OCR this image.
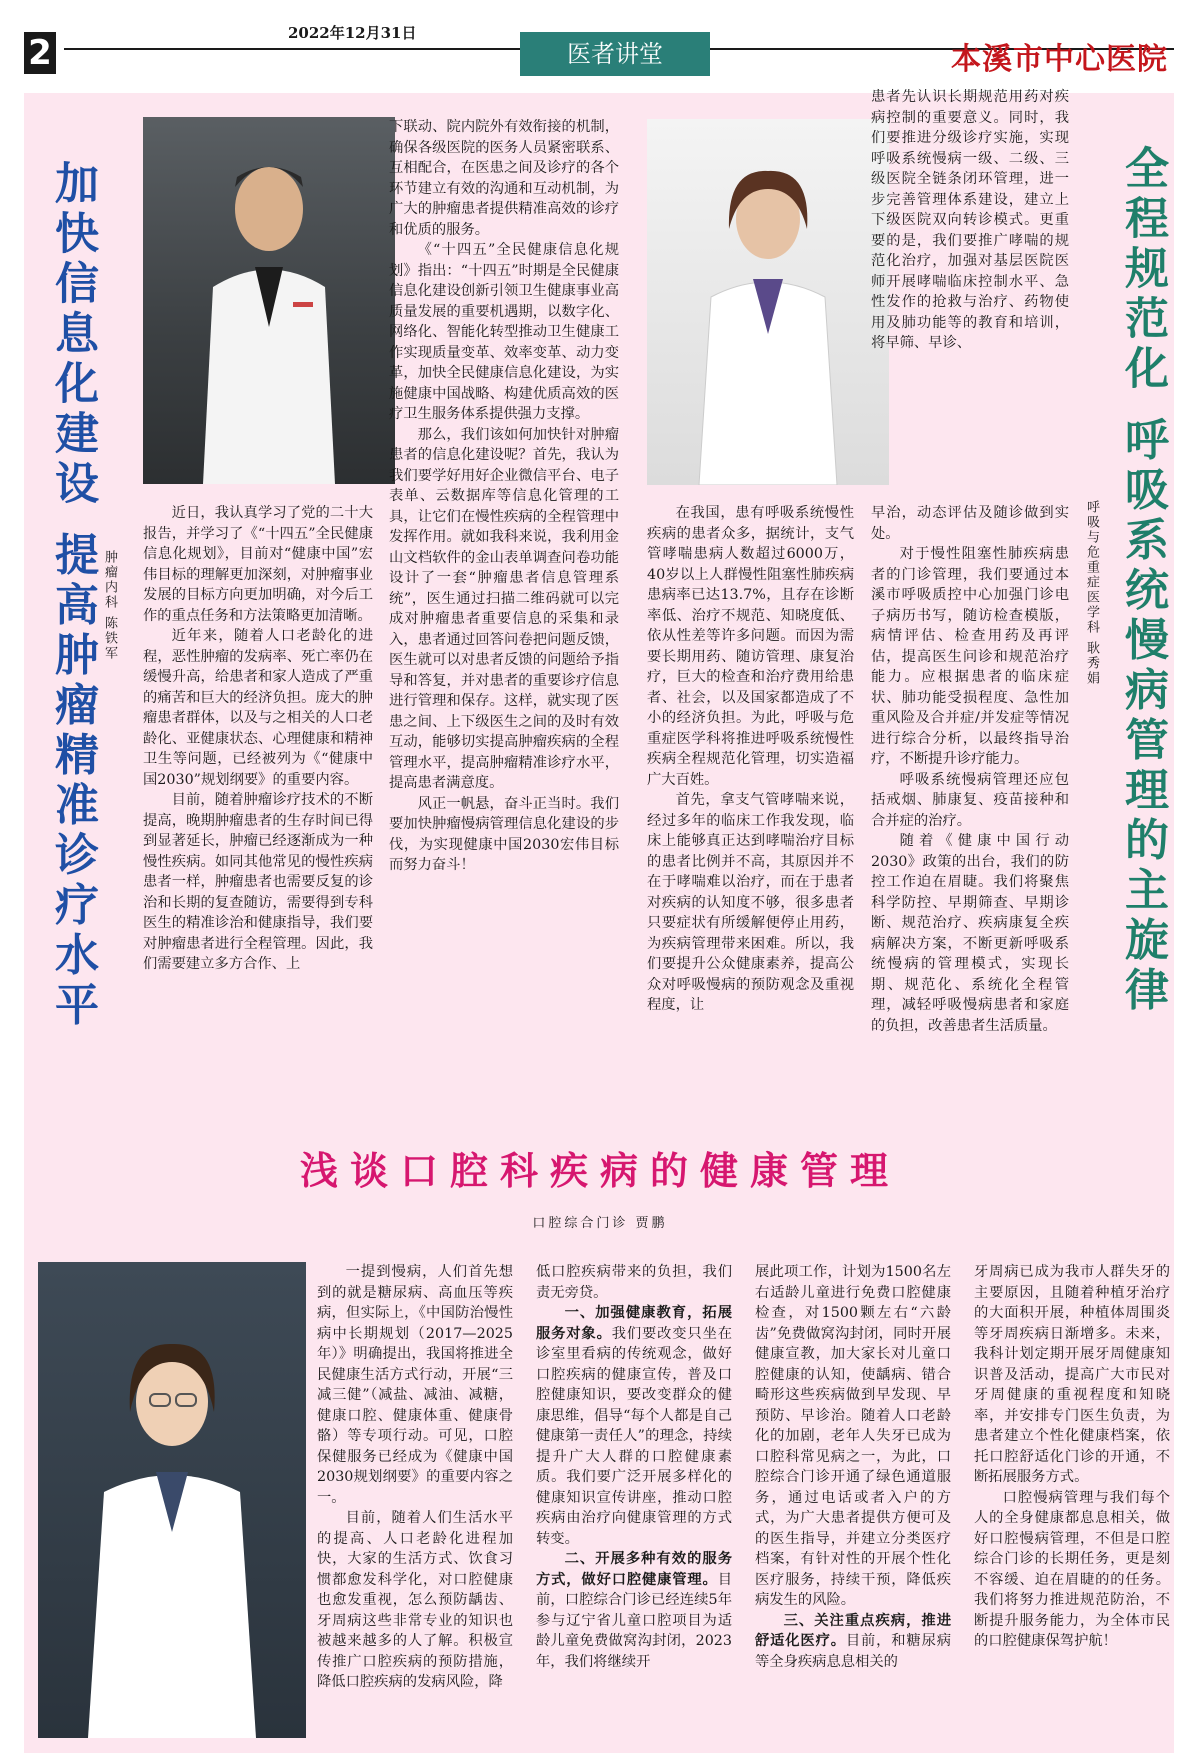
2	2022年12月31日
医者讲堂	本溪市中心医院
加快信息化建设 提高肿瘤精准诊疗水平 肿瘤内科 陈铁军

近日，我认真学习了党的二十大报告，并学习了《“十四五”全民健康信息化规划》，目前对“健康中国”宏伟目标的理解更加深刻，对肿瘤事业发展的目标方向更加明确，对今后工作的重点任务和方法策略更加清晰。

近年来，随着人口老龄化的进程，恶性肿瘤的发病率、死亡率仍在缓慢升高，给患者和家人造成了严重的痛苦和巨大的经济负担。庞大的肿瘤患者群体，以及与之相关的人口老龄化、亚健康状态、心理健康和精神卫生等问题，已经被列为《“健康中国2030”规划纲要》的重要内容。

目前，随着肿瘤诊疗技术的不断提高，晚期肿瘤患者的生存时间已得到显著延长，肿瘤已经逐渐成为一种慢性疾病。如同其他常见的慢性疾病患者一样，肿瘤患者也需要反复的诊治和长期的复查随访，需要得到专科医生的精准诊治和健康指导，我们要对肿瘤患者进行全程管理。因此，我们需要建立多方合作、上

下联动、院内院外有效衔接的机制，确保各级医院的医务人员紧密联系、互相配合，在医患之间及诊疗的各个环节建立有效的沟通和互动机制，为广大的肿瘤患者提供精准高效的诊疗和优质的服务。

《“十四五”全民健康信息化规划》指出：“十四五”时期是全民健康信息化建设创新引领卫生健康事业高质量发展的重要机遇期，以数字化、网络化、智能化转型推动卫生健康工作实现质量变革、效率变革、动力变革，加快全民健康信息化建设，为实施健康中国战略、构建优质高效的医疗卫生服务体系提供强力支撑。

那么，我们该如何加快针对肿瘤患者的信息化建设呢？首先，我认为我们要学好用好企业微信平台、电子表单、云数据库等信息化管理的工具，让它们在慢性疾病的全程管理中发挥作用。就如我科来说，我利用金山文档软件的金山表单调查问卷功能设计了一套“肿瘤患者信息管理系统”，医生通过扫描二维码就可以完成对肿瘤患者重要信息的采集和录入，患者通过回答问卷把问题反馈，医生就可以对患者反馈的问题给予指导和答复，并对患者的重要诊疗信息进行管理和保存。这样，就实现了医患之间、上下级医生之间的及时有效互动，能够切实提高肿瘤疾病的全程管理水平，提高肿瘤精准诊疗水平，提高患者满意度。

风正一帆悬，奋斗正当时。我们要加快肿瘤慢病管理信息化建设的步伐，为实现健康中国2030宏伟目标而努力奋斗！

患者先认识长期规范用药对疾病控制的重要意义。同时，我们要推进分级诊疗实施，实现呼吸系统慢病一级、二级、三级医院全链条闭环管理，进一步完善管理体系建设，建立上下级医院双向转诊模式。更重要的是，我们要推广哮喘的规范化治疗，加强对基层医院医师开展哮喘临床控制水平、急性发作的抢救与治疗、药物使用及肺功能等的教育和培训，将早筛、早诊、

在我国，患有呼吸系统慢性疾病的患者众多，据统计，支气管哮喘患病人数超过6000万，40岁以上人群慢性阻塞性肺疾病患病率已达13.7%，且存在诊断率低、治疗不规范、知晓度低、依从性差等许多问题。而因为需要长期用药、随访管理、康复治疗，巨大的检查和治疗费用给患者、社会，以及国家都造成了不小的经济负担。为此，呼吸与危重症医学科将推进呼吸系统慢性疾病全程规范化管理，切实造福广大百姓。

首先，拿支气管哮喘来说，经过多年的临床工作我发现，临床上能够真正达到哮喘治疗目标的患者比例并不高，其原因并不在于哮喘难以治疗，而在于患者对疾病的认知度不够，很多患者只要症状有所缓解便停止用药，为疾病管理带来困难。所以，我们要提升公众健康素养，提高公众对呼吸慢病的预防观念及重视程度，让

早治，动态评估及随诊做到实处。

对于慢性阻塞性肺疾病患者的门诊管理，我们要通过本溪市呼吸质控中心加强门诊电子病历书写，随访检查模版，病情评估、检查用药及再评估，提高医生问诊和规范治疗能力。应根据患者的临床症状、肺功能受损程度、急性加重风险及合并症/并发症等情况进行综合分析，以最终指导治疗，不断提升诊疗能力。

呼吸系统慢病管理还应包括戒烟、肺康复、疫苗接种和合并症的治疗。

随着《健康中国行动2030》政策的出台，我们的防控工作迫在眉睫。我们将聚焦科学防控、早期筛查、早期诊断、规范治疗、疾病康复全疾病解决方案，不断更新呼吸系统慢病的管理模式，实现长期、规范化、系统化全程管理，减轻呼吸慢病患者和家庭的负担，改善患者生活质量。

呼吸与危重症医学科 耿秀娟 全程规范化 呼吸系统慢病管理的主旋律
浅谈口腔科疾病的健康管理
口腔综合门诊 贾鹏

一提到慢病，人们首先想到的就是糖尿病、高血压等疾病，但实际上，《中国防治慢性病中长期规划（2017—2025年）》明确提出，我国将推进全民健康生活方式行动，开展“三减三健”（减盐、减油、减糖，健康口腔、健康体重、健康骨骼）等专项行动。可见，口腔保健服务已经成为《健康中国2030规划纲要》的重要内容之一。

目前，随着人们生活水平的提高、人口老龄化进程加快，大家的生活方式、饮食习惯都愈发科学化，对口腔健康也愈发重视，怎么预防龋齿、牙周病这些非常专业的知识也被越来越多的人了解。积极宣传推广口腔疾病的预防措施，降低口腔疾病的发病风险，降

低口腔疾病带来的负担，我们责无旁贷。

一、加强健康教育，拓展服务对象。我们要改变只坐在诊室里看病的传统观念，做好口腔疾病的健康宣传，普及口腔健康知识，要改变群众的健康思维，倡导“每个人都是自己健康第一责任人”的理念，持续提升广大人群的口腔健康素质。我们要广泛开展多样化的健康知识宣传讲座，推动口腔疾病由治疗向健康管理的方式转变。

二、开展多种有效的服务方式，做好口腔健康管理。目前，口腔综合门诊已经连续5年参与辽宁省儿童口腔项目为适龄儿童免费做窝沟封闭，2023年，我们将继续开

展此项工作，计划为1500名左右适龄儿童进行免费口腔健康检查，对1500颗左右“六龄齿”免费做窝沟封闭，同时开展健康宣教，加大家长对儿童口腔健康的认知，使龋病、错合畸形这些疾病做到早发现、早预防、早诊治。随着人口老龄化的加剧，老年人失牙已成为口腔科常见病之一，为此，口腔综合门诊开通了绿色通道服务，通过电话或者入户的方式，为广大患者提供方便可及的医生指导，并建立分类医疗档案，有针对性的开展个性化医疗服务，持续干预，降低疾病发生的风险。

三、关注重点疾病，推进舒适化医疗。目前，和糖尿病等全身疾病息息相关的

牙周病已成为我市人群失牙的主要原因，且随着种植牙治疗的大面积开展，种植体周围炎等牙周疾病日渐增多。未来，我科计划定期开展牙周健康知识普及活动，提高广大市民对牙周健康的重视程度和知晓率，并安排专门医生负责，为患者建立个性化健康档案，依托口腔舒适化门诊的开通，不断拓展服务方式。

口腔慢病管理与我们每个人的全身健康都息息相关，做好口腔慢病管理，不但是口腔综合门诊的长期任务，更是刻不容缓、迫在眉睫的的任务。我们将努力推进规范防治，不断提升服务能力，为全体市民的口腔健康保驾护航！
